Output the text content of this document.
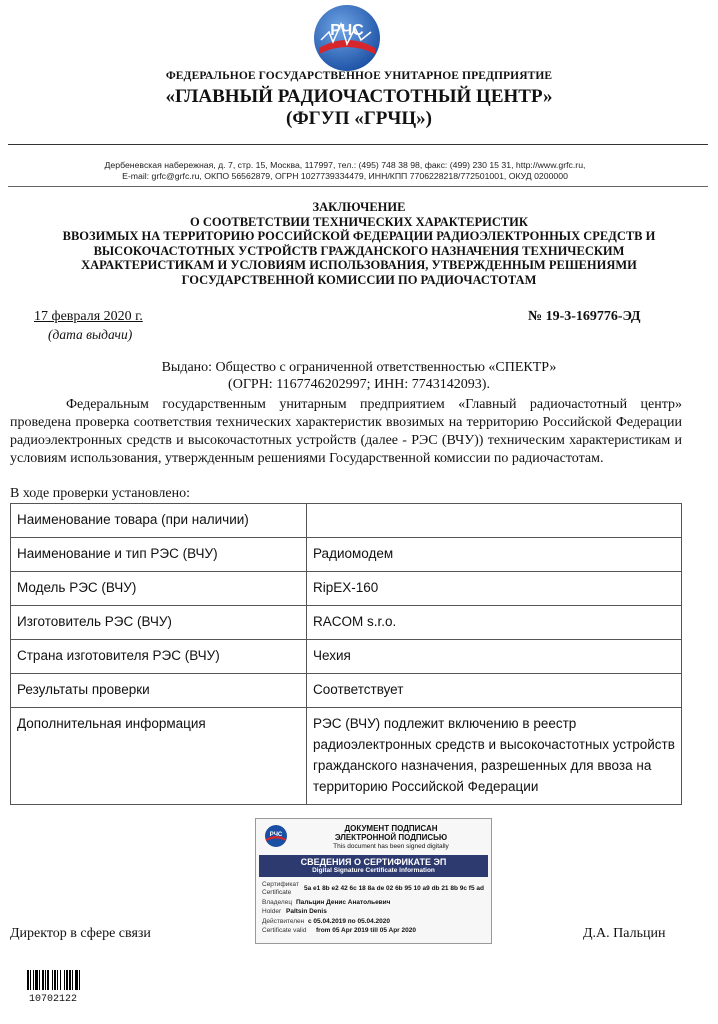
РЧС
ФЕДЕРАЛЬНОЕ ГОСУДАРСТВЕННОЕ УНИТАРНОЕ ПРЕДПРИЯТИЕ
«ГЛАВНЫЙ РАДИОЧАСТОТНЫЙ ЦЕНТР»
(ФГУП «ГРЧЦ»)
Дербеневская набережная, д. 7, стр. 15, Москва, 117997, тел.: (495) 748 38 98, факс: (499) 230 15 31, http://www.grfc.ru,
E-mail: grfc@grfc.ru, ОКПО 56562879, ОГРН 1027739334479, ИНН/КПП 7706228218/772501001, ОКУД 0200000
ЗАКЛЮЧЕНИЕ
О СООТВЕТСТВИИ ТЕХНИЧЕСКИХ ХАРАКТЕРИСТИК
ВВОЗИМЫХ НА ТЕРРИТОРИЮ РОССИЙСКОЙ ФЕДЕРАЦИИ РАДИОЭЛЕКТРОННЫХ СРЕДСТВ И
ВЫСОКОЧАСТОТНЫХ УСТРОЙСТВ ГРАЖДАНСКОГО НАЗНАЧЕНИЯ ТЕХНИЧЕСКИМ
ХАРАКТЕРИСТИКАМ И УСЛОВИЯМ ИСПОЛЬЗОВАНИЯ, УТВЕРЖДЕННЫМ РЕШЕНИЯМИ
ГОСУДАРСТВЕННОЙ КОМИССИИ ПО РАДИОЧАСТОТАМ
17 февраля 2020 г.
(дата выдачи)
№ 19-3-169776-ЭД
Выдано: Общество с ограниченной ответственностью «СПЕКТР»
(ОГРН: 1167746202997; ИНН: 7743142093).
Федеральным государственным унитарным предприятием «Главный радиочастотный центр» проведена проверка соответствия технических характеристик ввозимых на территорию Российской Федерации радиоэлектронных средств и высокочастотных устройств (далее - РЭС (ВЧУ)) техническим характеристикам и условиям использования, утвержденным решениями Государственной комиссии по радиочастотам.
В ходе проверки установлено:
Наименование товара (при наличии)	
Наименование и тип РЭС (ВЧУ)	Радиомодем
Модель РЭС (ВЧУ)	RipEX-160
Изготовитель РЭС (ВЧУ)	RACOM s.r.o.
Страна изготовителя РЭС (ВЧУ)	Чехия
Результаты проверки	Соответствует
Дополнительная информация	РЭС (ВЧУ) подлежит включению в реестр радиоэлектронных средств и высокочастотных устройств гражданского назначения, разрешенных для ввоза на территорию Российской Федерации
РЧС
ДОКУМЕНТ ПОДПИСАН
ЭЛЕКТРОННОЙ ПОДПИСЬЮ
This document has been signed digitally
СВЕДЕНИЯ О СЕРТИФИКАТЕ ЭП
Digital Signature Certificate Information
Сертификат
Certificate
5a e1 8b e2 42 6c 18 8a de 02 6b 95 10 a9 db 21 8b 9c f5 ad
Владелец Пальцин Денис Анатольевич
Holder Paltsin Denis
Действителен с 05.04.2019 по 05.04.2020
Certificate valid from 05 Apr 2019 till 05 Apr 2020
Директор в сфере связи	Д.А. Пальцин
10702122
